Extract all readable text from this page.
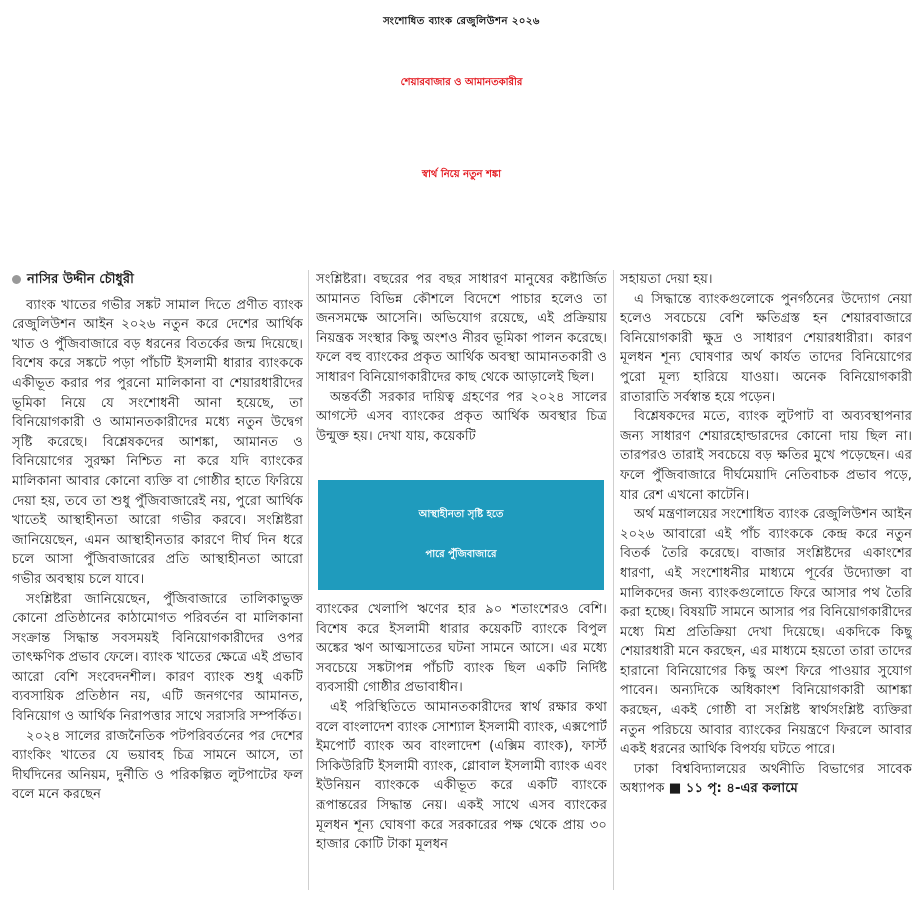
সংশোধিত ব্যাংক রেজুলিউশন ২০২৬
শেয়ারবাজার ও আমানতকারীর
স্বার্থ নিয়ে নতুন শঙ্কা

নাসির উদ্দীন চৌধুরী

ব্যাংক খাতের গভীর সঙ্কট সামাল দিতে প্রণীত ব্যাংক রেজুলিউশন আইন ২০২৬ নতুন করে দেশের আর্থিক খাত ও পুঁজিবাজারে বড় ধরনের বিতর্কের জন্ম দিয়েছে। বিশেষ করে সঙ্কটে পড়া পাঁচটি ইসলামী ধারার ব্যাংককে একীভূত করার পর পুরনো মালিকানা বা শেয়ারধারীদের ভূমিকা নিয়ে যে সংশোধনী আনা হয়েছে, তা বিনিয়োগকারী ও আমানতকারীদের মধ্যে নতুন উদ্বেগ সৃষ্টি করেছে। বিশ্লেষকদের আশঙ্কা, আমানত ও বিনিয়োগের সুরক্ষা নিশ্চিত না করে যদি ব্যাংকের মালিকানা আবার কোনো ব্যক্তি বা গোষ্ঠীর হাতে ফিরিয়ে দেয়া হয়, তবে তা শুধু পুঁজিবাজারেই নয়, পুরো আর্থিক খাতেই আস্থাহীনতা আরো গভীর করবে। সংশ্লিষ্টরা জানিয়েছেন, এমন আস্থাহীনতার কারণে দীর্ঘ দিন ধরে চলে আসা পুঁজিবাজারের প্রতি আস্থাহীনতা আরো গভীর অবস্থায় চলে যাবে।

সংশ্লিষ্টরা জানিয়েছেন, পুঁজিবাজারে তালিকাভুক্ত কোনো প্রতিষ্ঠানের কাঠামোগত পরিবর্তন বা মালিকানা সংক্রান্ত সিদ্ধান্ত সবসময়ই বিনিয়োগকারীদের ওপর তাৎক্ষণিক প্রভাব ফেলে। ব্যাংক খাতের ক্ষেত্রে এই প্রভাব আরো বেশি সংবেদনশীল। কারণ ব্যাংক শুধু একটি ব্যবসায়িক প্রতিষ্ঠান নয়, এটি জনগণের আমানত, বিনিয়োগ ও আর্থিক নিরাপত্তার সাথে সরাসরি সম্পর্কিত।

২০২৪ সালের রাজনৈতিক পটপরিবর্তনের পর দেশের ব্যাংকিং খাতের যে ভয়াবহ চিত্র সামনে আসে, তা দীর্ঘদিনের অনিয়ম, দুর্নীতি ও পরিকল্পিত লুটপাটের ফল বলে মনে করছেন

সংশ্লিষ্টরা। বছরের পর বছর সাধারণ মানুষের কষ্টার্জিত আমানত বিভিন্ন কৌশলে বিদেশে পাচার হলেও তা জনসমক্ষে আসেনি। অভিযোগ রয়েছে, এই প্রক্রিয়ায় নিয়ন্ত্রক সংস্থার কিছু অংশও নীরব ভূমিকা পালন করেছে। ফলে বহু ব্যাংকের প্রকৃত আর্থিক অবস্থা আমানতকারী ও সাধারণ বিনিয়োগকারীদের কাছ থেকে আড়ালেই ছিল।

অন্তর্বর্তী সরকার দায়িত্ব গ্রহণের পর ২০২৪ সালের আগস্টে এসব ব্যাংকের প্রকৃত আর্থিক অবস্থার চিত্র উন্মুক্ত হয়। দেখা যায়, কয়েকটি

আস্থাহীনতা সৃষ্টি হতে
পারে পুঁজিবাজারে

ব্যাংকের খেলাপি ঋণের হার ৯০ শতাংশেরও বেশি। বিশেষ করে ইসলামী ধারার কয়েকটি ব্যাংকে বিপুল অঙ্কের ঋণ আত্মসাতের ঘটনা সামনে আসে। এর মধ্যে সবচেয়ে সঙ্কটাপন্ন পাঁচটি ব্যাংক ছিল একটি নির্দিষ্ট ব্যবসায়ী গোষ্ঠীর প্রভাবাধীন।

এই পরিস্থিতিতে আমানতকারীদের স্বার্থ রক্ষার কথা বলে বাংলাদেশ ব্যাংক সোশ্যাল ইসলামী ব্যাংক, এক্সপোর্ট ইমপোর্ট ব্যাংক অব বাংলাদেশ (এক্সিম ব্যাংক), ফার্স্ট সিকিউরিটি ইসলামী ব্যাংক, গ্লোবাল ইসলামী ব্যাংক এবং ইউনিয়ন ব্যাংককে একীভূত করে একটি ব্যাংকে রূপান্তরের সিদ্ধান্ত নেয়। একই সাথে এসব ব্যাংকের মূলধন শূন্য ঘোষণা করে সরকারের পক্ষ থেকে প্রায় ৩০ হাজার কোটি টাকা মূলধন

সহায়তা দেয়া হয়।

এ সিদ্ধান্তে ব্যাংকগুলোকে পুনর্গঠনের উদ্যোগ নেয়া হলেও সবচেয়ে বেশি ক্ষতিগ্রস্ত হন শেয়ারবাজারে বিনিয়োগকারী ক্ষুদ্র ও সাধারণ শেয়ারধারীরা। কারণ মূলধন শূন্য ঘোষণার অর্থ কার্যত তাদের বিনিয়োগের পুরো মূল্য হারিয়ে যাওয়া। অনেক বিনিয়োগকারী রাতারাতি সর্বস্বান্ত হয়ে পড়েন।

বিশ্লেষকদের মতে, ব্যাংক লুটপাট বা অব্যবস্থাপনার জন্য সাধারণ শেয়ারহোল্ডারদের কোনো দায় ছিল না। তারপরও তারাই সবচেয়ে বড় ক্ষতির মুখে পড়েছেন। এর ফলে পুঁজিবাজারে দীর্ঘমেয়াদি নেতিবাচক প্রভাব পড়ে, যার রেশ এখনো কাটেনি।

অর্থ মন্ত্রণালয়ের সংশোধিত ব্যাংক রেজুলিউশন আইন ২০২৬ আবারো এই পাঁচ ব্যাংককে কেন্দ্র করে নতুন বিতর্ক তৈরি করেছে। বাজার সংশ্লিষ্টদের একাংশের ধারণা, এই সংশোধনীর মাধ্যমে পূর্বের উদ্যোক্তা বা মালিকদের জন্য ব্যাংকগুলোতে ফিরে আসার পথ তৈরি করা হচ্ছে। বিষয়টি সামনে আসার পর বিনিয়োগকারীদের মধ্যে মিশ্র প্রতিক্রিয়া দেখা দিয়েছে। একদিকে কিছু শেয়ারধারী মনে করছেন, এর মাধ্যমে হয়তো তারা তাদের হারানো বিনিয়োগের কিছু অংশ ফিরে পাওয়ার সুযোগ পাবেন। অন্যদিকে অধিকাংশ বিনিয়োগকারী আশঙ্কা করছেন, একই গোষ্ঠী বা সংশ্লিষ্ট স্বার্থসংশ্লিষ্ট ব্যক্তিরা নতুন পরিচয়ে আবার ব্যাংকের নিয়ন্ত্রণে ফিরলে আবার একই ধরনের আর্থিক বিপর্যয় ঘটতে পারে।

ঢাকা বিশ্ববিদ্যালয়ের অর্থনীতি বিভাগের সাবেক অধ্যাপক ■ ১১ পৃ: ৪-এর কলামে
